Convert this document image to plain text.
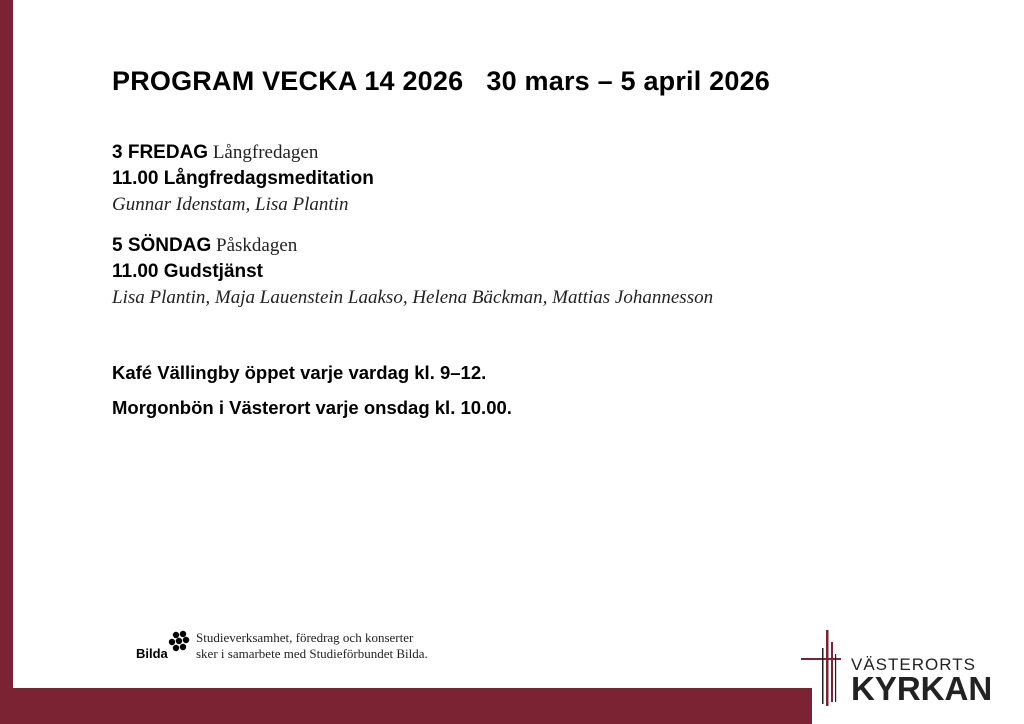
PROGRAM VECKA 14 2026 30 mars – 5 april 2026
3 FREDAG Långfredagen
11.00 Långfredagsmeditation
Gunnar Idenstam, Lisa Plantin
5 SÖNDAG Påskdagen
11.00 Gudstjänst
Lisa Plantin, Maja Lauenstein Laakso, Helena Bäckman, Mattias Johannesson
Kafé Vällingby öppet varje vardag kl. 9–12.
Morgonbön i Västerort varje onsdag kl. 10.00.
Bilda
Studieverksamhet, föredrag och konserter
sker i samarbete med Studieförbundet Bilda.
VÄSTERORTS
KYRKAN
